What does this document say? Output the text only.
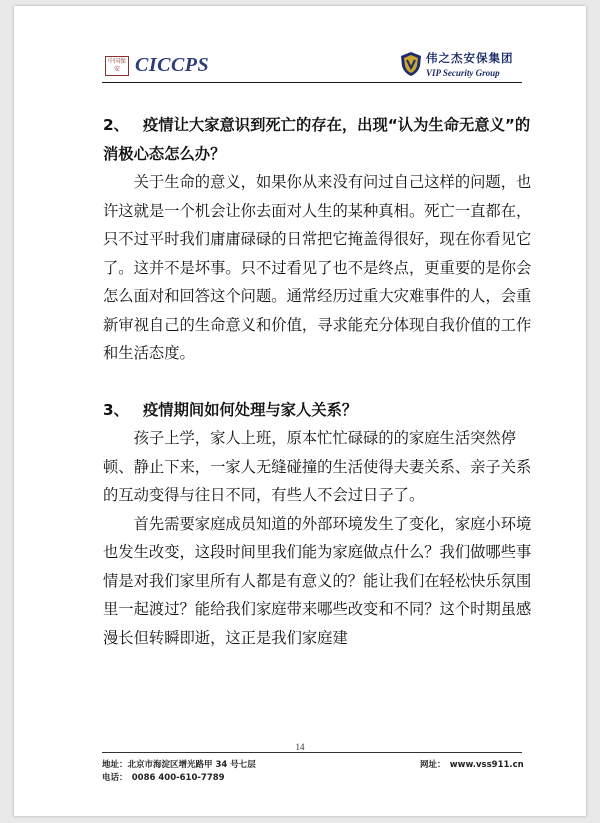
中国保安 CICCPS	伟之杰安保集团
VIP Security Group

2、 疫情让大家意识到死亡的存在，出现“认为生命无意义”的消极心态怎么办？

关于生命的意义，如果你从来没有问过自己这样的问题，也许这就是一个机会让你去面对人生的某种真相。死亡一直都在，只不过平时我们庸庸碌碌的日常把它掩盖得很好，现在你看见它了。这并不是坏事。只不过看见了也不是终点，更重要的是你会怎么面对和回答这个问题。通常经历过重大灾难事件的人，会重新审视自己的生命意义和价值，寻求能充分体现自我价值的工作和生活态度。

3、 疫情期间如何处理与家人关系？

孩子上学，家人上班，原本忙忙碌碌的的家庭生活突然停顿、静止下来，一家人无缝碰撞的生活使得夫妻关系、亲子关系的互动变得与往日不同，有些人不会过日子了。

首先需要家庭成员知道的外部环境发生了变化，家庭小环境也发生改变，这段时间里我们能为家庭做点什么？我们做哪些事情是对我们家里所有人都是有意义的？能让我们在轻松快乐氛围里一起渡过？能给我们家庭带来哪些改变和不同？这个时期虽感漫长但转瞬即逝，这正是我们家庭建

14
地址：北京市海淀区增光路甲 34 号七层
电话：　0086 400-610-7789
网址：　www.vss911.cn
